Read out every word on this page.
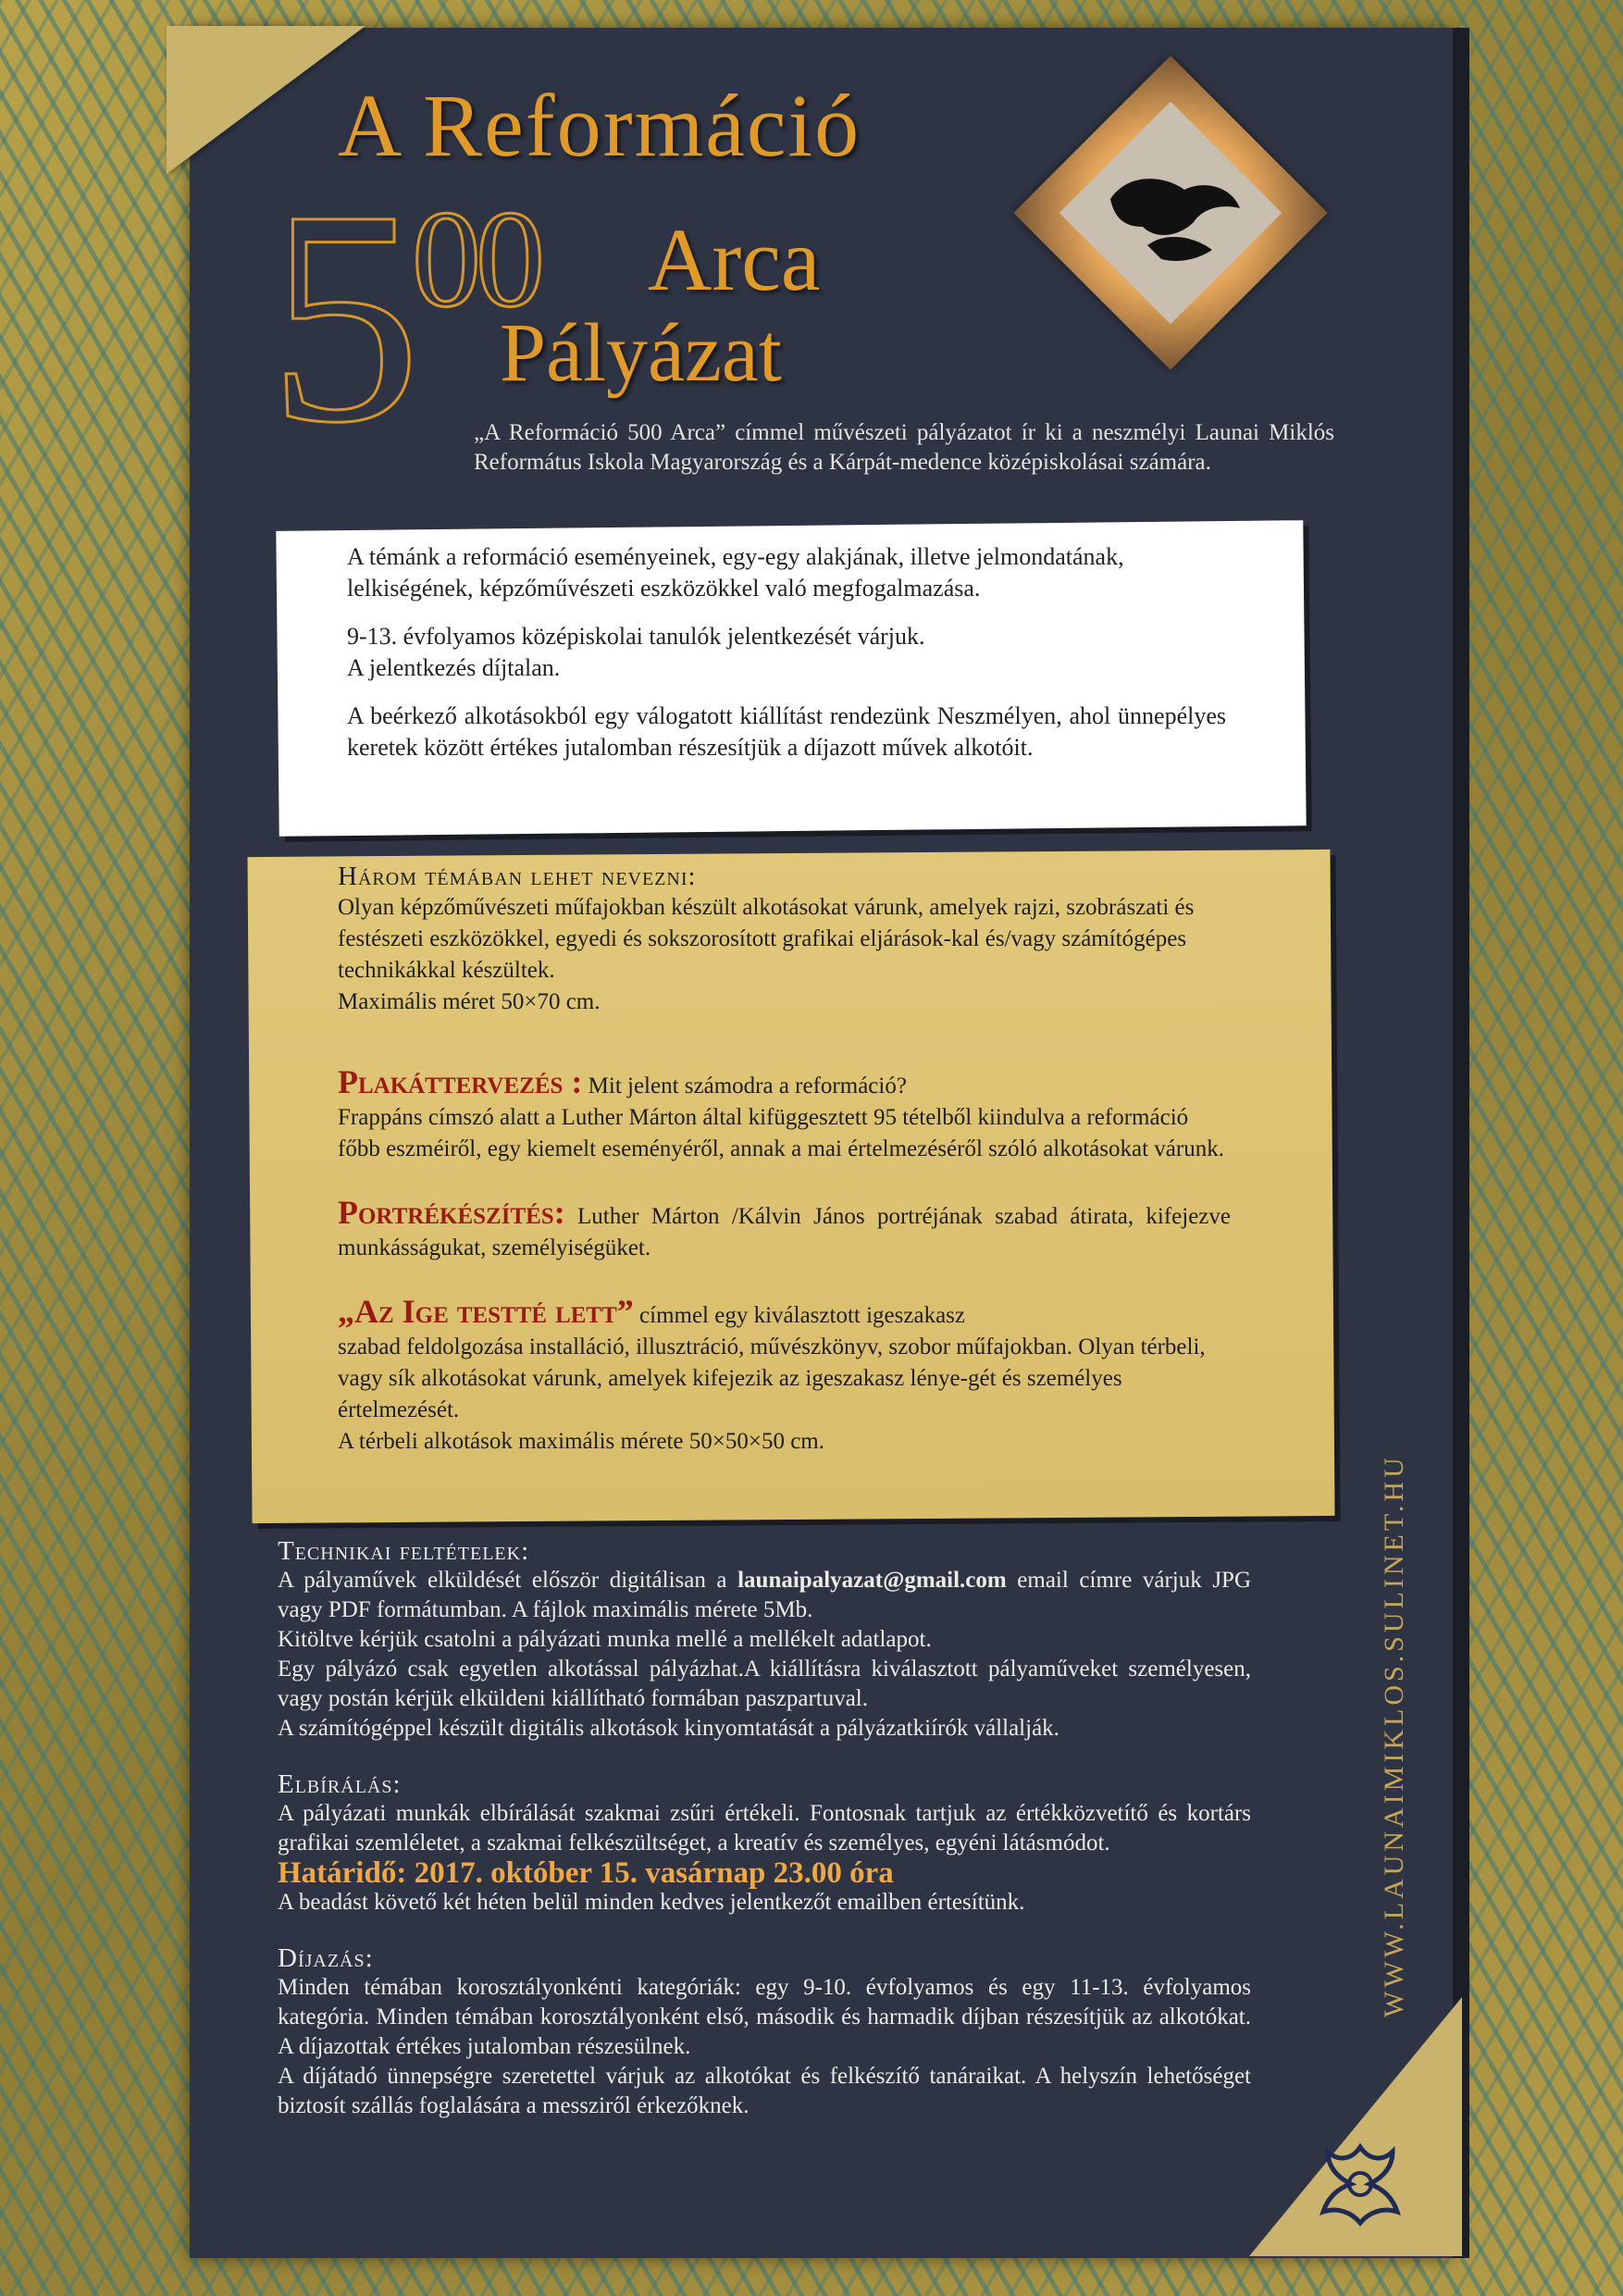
A Reformáció
5
00 Arca
Pályázat
„A Reformáció 500 Arca” címmel művészeti pályázatot ír ki a neszmélyi Launai Miklós Református Iskola Magyarország és a Kárpát-medence középiskolásai számára.

A témánk a reformáció eseményeinek, egy-egy alakjának, illetve jelmondatának, lelkiségének, képzőművészeti eszközökkel való megfogalmazása.

9-13. évfolyamos középiskolai tanulók jelentkezését várjuk.
A jelentkezés díjtalan.

A beérkező alkotásokból egy válogatott kiállítást rendezünk Neszmélyen, ahol ünnepélyes keretek között értékes jutalomban részesítjük a díjazott művek alkotóit.

Három témában lehet nevezni:

Olyan képzőművészeti műfajokban készült alkotásokat várunk, amelyek rajzi, szobrászati és festészeti eszközökkel, egyedi és sokszorosított grafikai eljárások-kal és/vagy számítógépes technikákkal készültek.

Maximális méret 50×70 cm.

Plakáttervezés : Mit jelent számodra a reformáció?

Frappáns címszó alatt a Luther Márton által kifüggesztett 95 tételből kiindulva a reformáció főbb eszméiről, egy kiemelt eseményéről, annak a mai értelmezéséről szóló alkotásokat várunk.

Portrékészítés: Luther Márton /Kálvin János portréjának szabad átirata, kifejezve munkásságukat, személyiségüket.

„Az Ige testté lett” címmel egy kiválasztott igeszakasz

szabad feldolgozása installáció, illusztráció, művészkönyv, szobor műfajokban. Olyan térbeli, vagy sík alkotásokat várunk, amelyek kifejezik az igeszakasz lénye-gét és személyes értelmezését.

A térbeli alkotások maximális mérete 50×50×50 cm.

Technikai feltételek:

A pályaművek elküldését először digitálisan a launaipalyazat@gmail.com email címre várjuk JPG vagy PDF formátumban. A fájlok maximális mérete 5Mb.

Kitöltve kérjük csatolni a pályázati munka mellé a mellékelt adatlapot.

Egy pályázó csak egyetlen alkotással pályázhat.A kiállításra kiválasztott pályaműveket személyesen, vagy postán kérjük elküldeni kiállítható formában paszpartuval.

A számítógéppel készült digitális alkotások kinyomtatását a pályázatkiírók vállalják.

Elbírálás:

A pályázati munkák elbírálását szakmai zsűri értékeli. Fontosnak tartjuk az értékközvetítő és kortárs grafikai szemléletet, a szakmai felkészültséget, a kreatív és személyes, egyéni látásmódot.

Határidő: 2017. október 15. vasárnap 23.00 óra

A beadást követő két héten belül minden kedves jelentkezőt emailben értesítünk.

Díjazás:

Minden témában korosztályonkénti kategóriák: egy 9-10. évfolyamos és egy 11-13. évfolyamos kategória. Minden témában korosztályonként első, második és harmadik díjban részesítjük az alkotókat. A díjazottak értékes jutalomban részesülnek.

A díjátadó ünnepségre szeretettel várjuk az alkotókat és felkészítő tanáraikat. A helyszín lehetőséget biztosít szállás foglalására a messziről érkezőknek.

WWW.LAUNAIMIKLOS.SULINET.HU
